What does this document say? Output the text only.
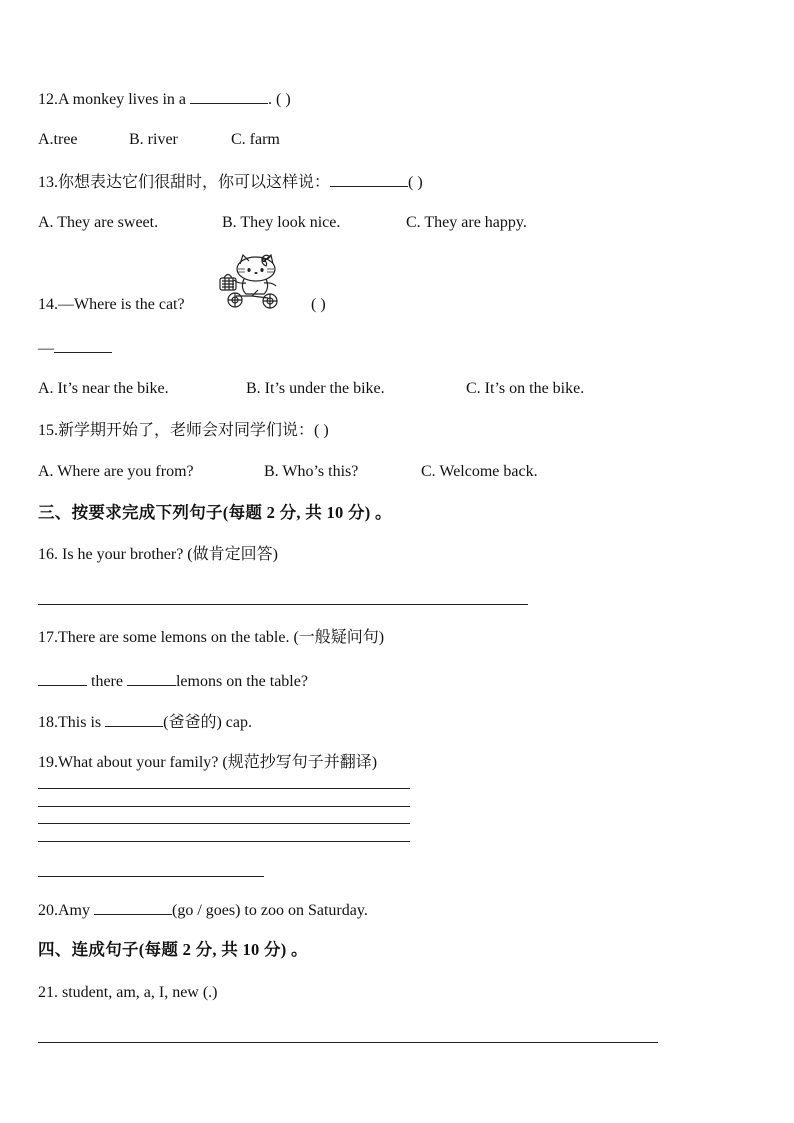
12.A monkey lives in a	. ( )
A.tree	B. river	C. farm
13.你想表达它们很甜时，你可以这样说：	( )
A. They are sweet.	B. They look nice.	C. They are happy.
14.—Where is the cat?	( )
—
A. It’s near the bike.	B. It’s under the bike.	C. It’s on the bike.
15.新学期开始了，老师会对同学们说：( )
A. Where are you from?	B. Who’s this?	C. Welcome back.
三、按要求完成下列句子(每题 2 分, 共 10 分) 。
16. Is he your brother? (做肯定回答)
17.There are some lemons on the table. (一般疑问句)
there	lemons on the table?
18.This is	(爸爸的) cap.
19.What about your family? (规范抄写句子并翻译)
20.Amy	(go / goes) to zoo on Saturday.
四、连成句子(每题 2 分, 共 10 分) 。
21. student, am, a, I, new (.)
